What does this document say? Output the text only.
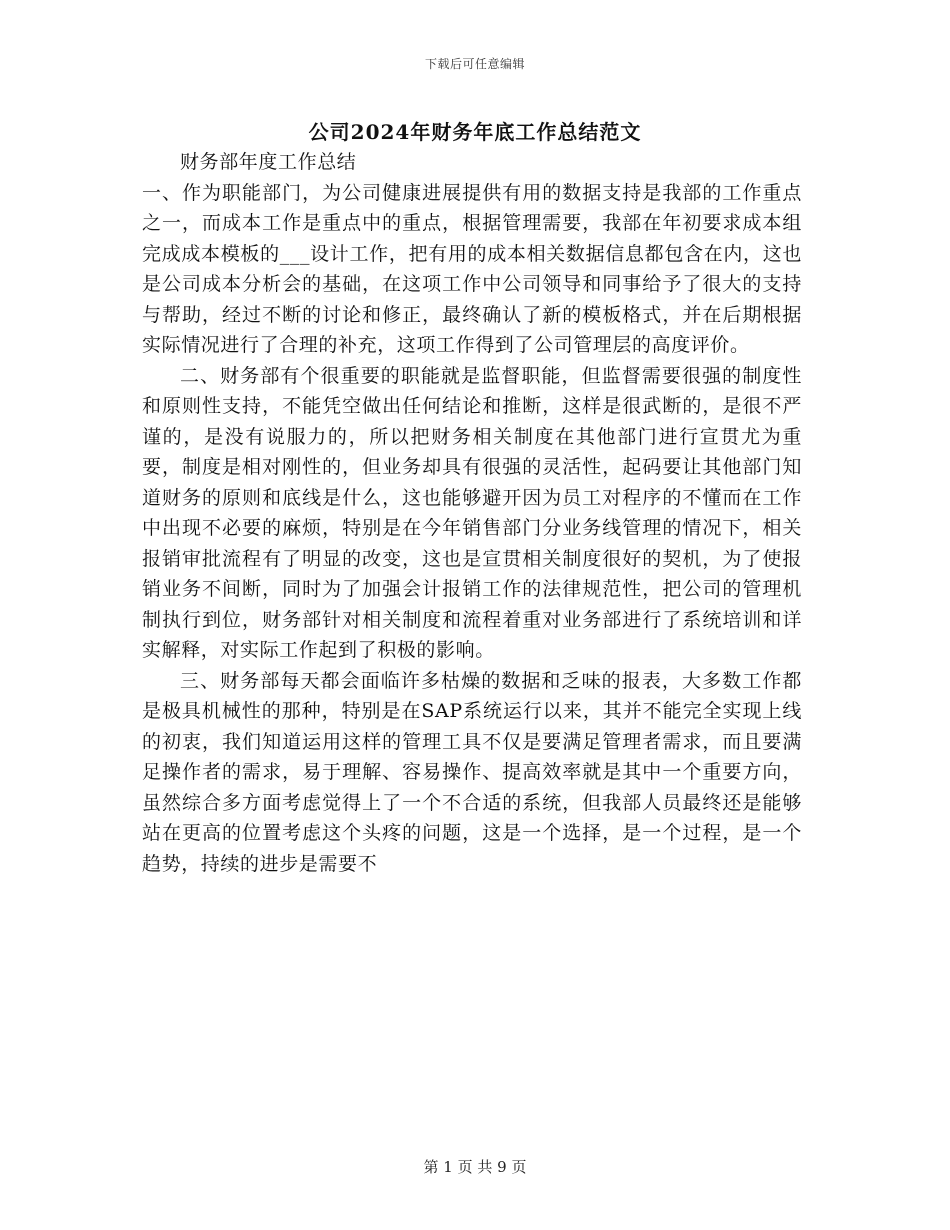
下载后可任意编辑
公司2024年财务年底工作总结范文

财务部年度工作总结

一、作为职能部门，为公司健康进展提供有用的数据支持是我部的工作重点之一，而成本工作是重点中的重点，根据管理需要，我部在年初要求成本组完成成本模板的___设计工作，把有用的成本相关数据信息都包含在内，这也是公司成本分析会的基础，在这项工作中公司领导和同事给予了很大的支持与帮助，经过不断的讨论和修正，最终确认了新的模板格式，并在后期根据实际情况进行了合理的补充，这项工作得到了公司管理层的高度评价。

二、财务部有个很重要的职能就是监督职能，但监督需要很强的制度性和原则性支持，不能凭空做出任何结论和推断，这样是很武断的，是很不严谨的，是没有说服力的，所以把财务相关制度在其他部门进行宣贯尤为重要，制度是相对刚性的，但业务却具有很强的灵活性，起码要让其他部门知道财务的原则和底线是什么，这也能够避开因为员工对程序的不懂而在工作中出现不必要的麻烦，特别是在今年销售部门分业务线管理的情况下，相关报销审批流程有了明显的改变，这也是宣贯相关制度很好的契机，为了使报销业务不间断，同时为了加强会计报销工作的法律规范性，把公司的管理机制执行到位，财务部针对相关制度和流程着重对业务部进行了系统培训和详实解释，对实际工作起到了积极的影响。

三、财务部每天都会面临许多枯燥的数据和乏味的报表，大多数工作都是极具机械性的那种，特别是在SAP系统运行以来，其并不能完全实现上线的初衷，我们知道运用这样的管理工具不仅是要满足管理者需求，而且要满足操作者的需求，易于理解、容易操作、提高效率就是其中一个重要方向，虽然综合多方面考虑觉得上了一个不合适的系统，但我部人员最终还是能够站在更高的位置考虑这个头疼的问题，这是一个选择，是一个过程，是一个趋势，持续的进步是需要不

第 1 页 共 9 页
